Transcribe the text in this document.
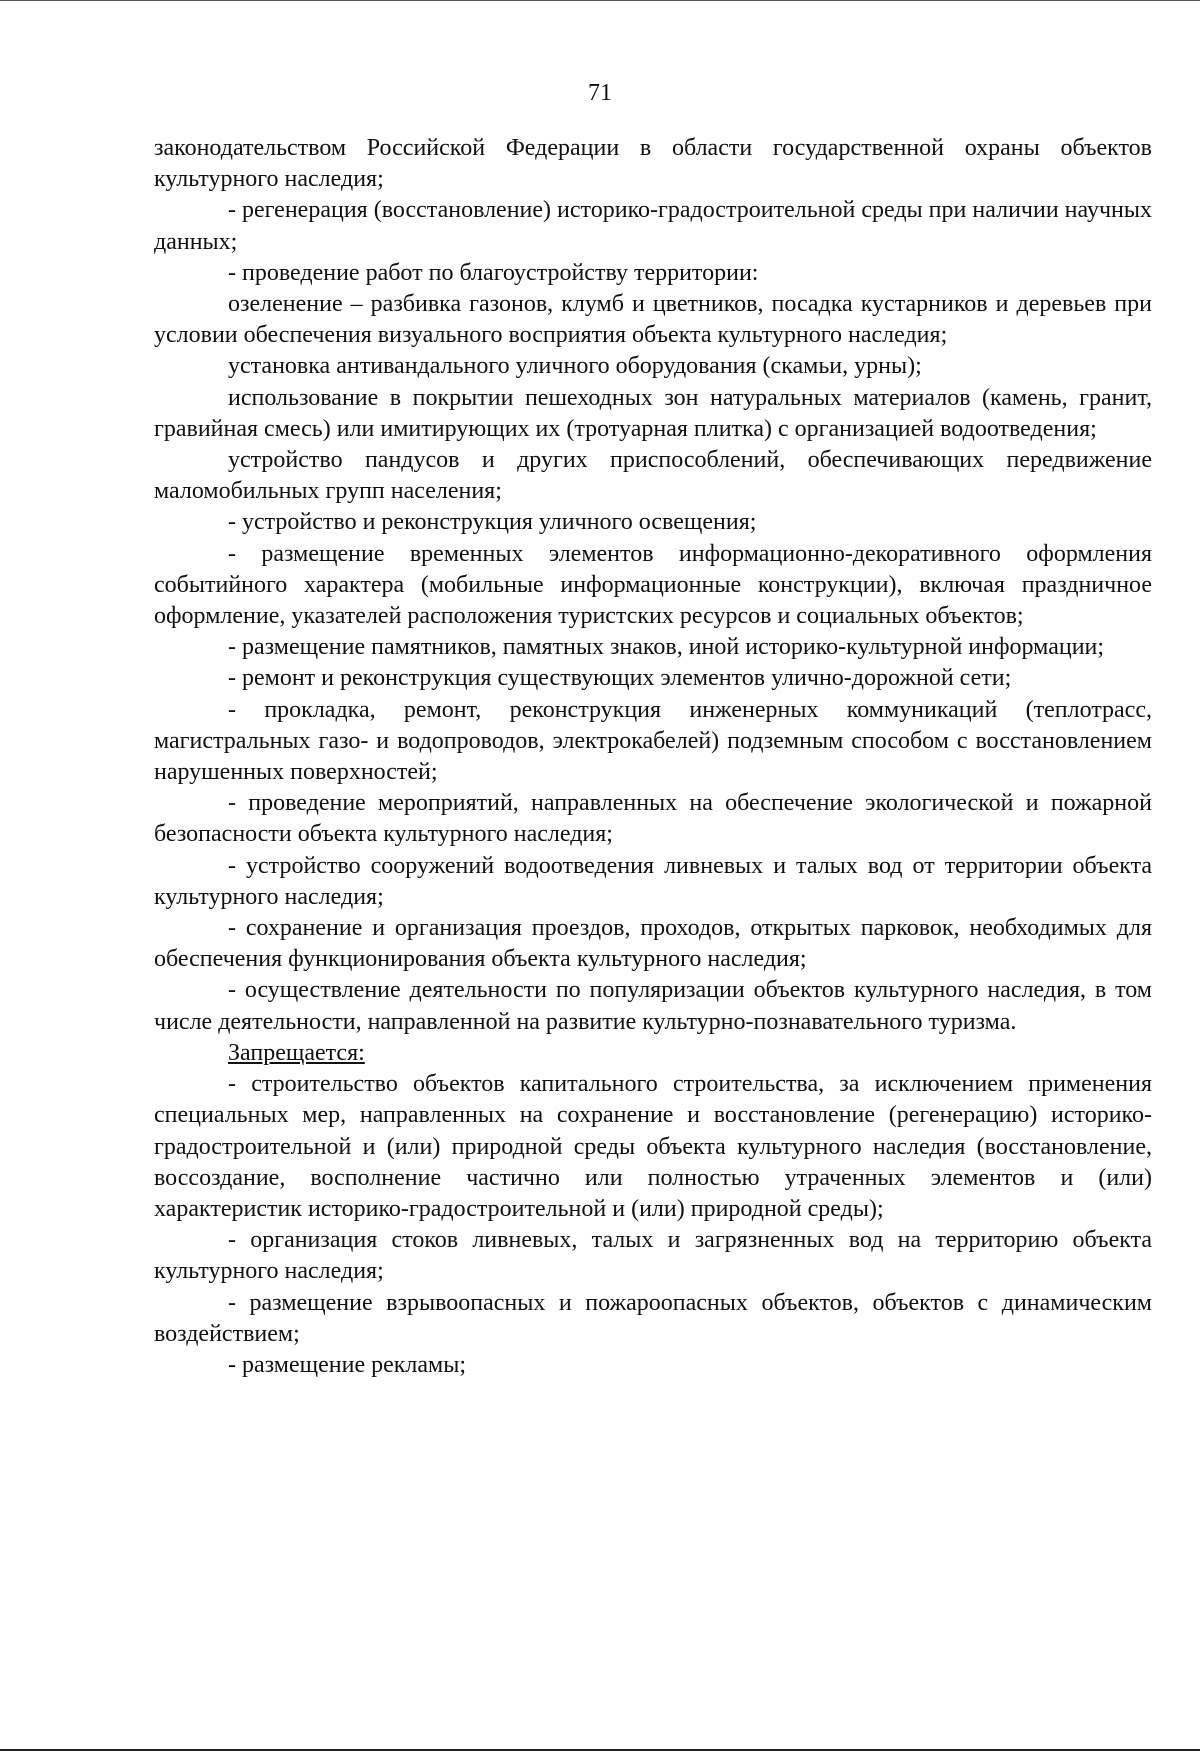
71

законодательством Российской Федерации в области государственной охраны объектов культурного наследия;

- регенерация (восстановление) историко-градостроительной среды при наличии научных данных;

- проведение работ по благоустройству территории:

озеленение – разбивка газонов, клумб и цветников, посадка кустарников и деревьев при условии обеспечения визуального восприятия объекта культурного наследия;

установка антивандального уличного оборудования (скамьи, урны);

использование в покрытии пешеходных зон натуральных материалов (камень, гранит, гравийная смесь) или имитирующих их (тротуарная плитка) с организацией водоотведения;

устройство пандусов и других приспособлений, обеспечивающих передвижение маломобильных групп населения;

- устройство и реконструкция уличного освещения;

- размещение временных элементов информационно-декоративного оформления событийного характера (мобильные информационные конструкции), включая праздничное оформление, указателей расположения туристских ресурсов и социальных объектов;

- размещение памятников, памятных знаков, иной историко-культурной информации;

- ремонт и реконструкция существующих элементов улично-дорожной сети;

- прокладка, ремонт, реконструкция инженерных коммуникаций (теплотрасс, магистральных газо- и водопроводов, электрокабелей) подземным способом с восстановлением нарушенных поверхностей;

- проведение мероприятий, направленных на обеспечение экологической и пожарной безопасности объекта культурного наследия;

- устройство сооружений водоотведения ливневых и талых вод от территории объекта культурного наследия;

- сохранение и организация проездов, проходов, открытых парковок, необходимых для обеспечения функционирования объекта культурного наследия;

- осуществление деятельности по популяризации объектов культурного наследия, в том числе деятельности, направленной на развитие культурно-познавательного туризма.

Запрещается:

- строительство объектов капитального строительства, за исключением применения специальных мер, направленных на сохранение и восстановление (регенерацию) историко-градостроительной и (или) природной среды объекта культурного наследия (восстановление, воссоздание, восполнение частично или полностью утраченных элементов и (или) характеристик историко-градостроительной и (или) природной среды);

- организация стоков ливневых, талых и загрязненных вод на территорию объекта культурного наследия;

- размещение взрывоопасных и пожароопасных объектов, объектов с динамическим воздействием;

- размещение рекламы;
